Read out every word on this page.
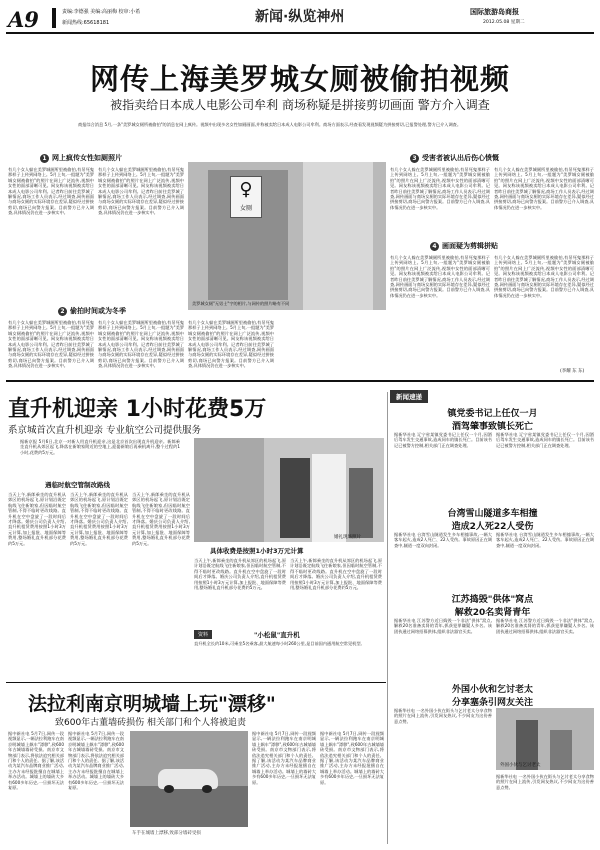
A9	责编:李德强 美编:高丽梅 校审:小希
新闻热线:65618181	新闻·纵览神州	国际旅游岛商报
2012.05.08 星期二
网传上海美罗城女厕被偷拍视频
被指卖给日本成人电影公司牟利 商场称疑是拼接剪切画面 警方介入调查
商报综合消息 5月,一条"美罗城女厕所被偷拍"的消息在网上疯传。视频中出现多名女性如厕画面,并称被卖给日本成人电影公司牟利。商场方面表示,经查看发现视频疑为拼接剪切,已报警处理,警方已介入调查。
1 网上疯传女性如厕照片
有几个女人躲在美罗城厕所里被偷拍,有吊死鬼那样子上传到网络上。5月上旬,一组题为"美罗城女厕被偷拍"的照片在网上广泛流传,视频中女性的面部清晰可见。网友称该视频被卖给日本成人电影公司牟利。记者昨日前往美罗城了解情况,商场工作人员表示,经过调查,网传画面与商场女厕的实际环境存在差异,疑似经过拼接剪切,商场已向警方报案。目前警方已介入调查,具体情况仍在进一步核实中。
有几个女人躲在美罗城厕所里被偷拍,有吊死鬼那样子上传到网络上。5月上旬,一组题为"美罗城女厕被偷拍"的照片在网上广泛流传,视频中女性的面部清晰可见。网友称该视频被卖给日本成人电影公司牟利。记者昨日前往美罗城了解情况,商场工作人员表示,经过调查,网传画面与商场女厕的实际环境存在差异,疑似经过拼接剪切,商场已向警方报案。目前警方已介入调查,具体情况仍在进一步核实中。
2 偷拍时间或为冬季
有几个女人躲在美罗城厕所里被偷拍,有吊死鬼那样子上传到网络上。5月上旬,一组题为"美罗城女厕被偷拍"的照片在网上广泛流传,视频中女性的面部清晰可见。网友称该视频被卖给日本成人电影公司牟利。记者昨日前往美罗城了解情况,商场工作人员表示,经过调查,网传画面与商场女厕的实际环境存在差异,疑似经过拼接剪切,商场已向警方报案。目前警方已介入调查,具体情况仍在进一步核实中。
有几个女人躲在美罗城厕所里被偷拍,有吊死鬼那样子上传到网络上。5月上旬,一组题为"美罗城女厕被偷拍"的照片在网上广泛流传,视频中女性的面部清晰可见。网友称该视频被卖给日本成人电影公司牟利。记者昨日前往美罗城了解情况,商场工作人员表示,经过调查,网传画面与商场女厕的实际环境存在差异,疑似经过拼接剪切,商场已向警方报案。目前警方已介入调查,具体情况仍在进一步核实中。
有几个女人躲在美罗城厕所里被偷拍,有吊死鬼那样子上传到网络上。5月上旬,一组题为"美罗城女厕被偷拍"的照片在网上广泛流传,视频中女性的面部清晰可见。网友称该视频被卖给日本成人电影公司牟利。记者昨日前往美罗城了解情况,商场工作人员表示,经过调查,网传画面与商场女厕的实际环境存在差异,疑似经过拼接剪切,商场已向警方报案。目前警方已介入调查,具体情况仍在进一步核实中。
♀
女厕
美罗城女厕"无男士"字的相片,与网传的照片略有不同
3 受害者被认出后伤心愤慨
有几个女人躲在美罗城厕所里被偷拍,有吊死鬼那样子上传到网络上。5月上旬,一组题为"美罗城女厕被偷拍"的照片在网上广泛流传,视频中女性的面部清晰可见。网友称该视频被卖给日本成人电影公司牟利。记者昨日前往美罗城了解情况,商场工作人员表示,经过调查,网传画面与商场女厕的实际环境存在差异,疑似经过拼接剪切,商场已向警方报案。目前警方已介入调查,具体情况仍在进一步核实中。
有几个女人躲在美罗城厕所里被偷拍,有吊死鬼那样子上传到网络上。5月上旬,一组题为"美罗城女厕被偷拍"的照片在网上广泛流传,视频中女性的面部清晰可见。网友称该视频被卖给日本成人电影公司牟利。记者昨日前往美罗城了解情况,商场工作人员表示,经过调查,网传画面与商场女厕的实际环境存在差异,疑似经过拼接剪切,商场已向警方报案。目前警方已介入调查,具体情况仍在进一步核实中。
4 画面疑为剪辑拼贴
有几个女人躲在美罗城厕所里被偷拍,有吊死鬼那样子上传到网络上。5月上旬,一组题为"美罗城女厕被偷拍"的照片在网上广泛流传,视频中女性的面部清晰可见。网友称该视频被卖给日本成人电影公司牟利。记者昨日前往美罗城了解情况,商场工作人员表示,经过调查,网传画面与商场女厕的实际环境存在差异,疑似经过拼接剪切,商场已向警方报案。目前警方已介入调查,具体情况仍在进一步核实中。
有几个女人躲在美罗城厕所里被偷拍,有吊死鬼那样子上传到网络上。5月上旬,一组题为"美罗城女厕被偷拍"的照片在网上广泛流传,视频中女性的面部清晰可见。网友称该视频被卖给日本成人电影公司牟利。记者昨日前往美罗城了解情况,商场工作人员表示,经过调查,网传画面与商场女厕的实际环境存在差异,疑似经过拼接剪切,商场已向警方报案。目前警方已介入调查,具体情况仍在进一步核实中。
(李耀 东 东)
直升机迎亲 1小时花费5万
系京城首次直升机迎亲 专业航空公司提供服务
据新京报 5月6日,北京一对新人用直升机迎亲,这是北京首次出现直升机迎亲。新郎乘坐直升机从郊区起飞,降落在新娘家附近的空地上,迎娶新娘后再乘机离开,整个过程约1小时,花费约5万元。
遇临时航空管制改路线
当天上午,新郎乘坐的直升机从郊区的机场起飞,原计划沿既定航线飞往新娘家,但因临时航空管制,不得不临时更改线路。直升机在空中盘旋了一段时间后才降落。婚庆公司负责人介绍,直升机租赁费用按照1小时3万元计算,加上报批、地面保障等费用,整场婚礼直升机部分花费约5万元。
当天上午,新郎乘坐的直升机从郊区的机场起飞,原计划沿既定航线飞往新娘家,但因临时航空管制,不得不临时更改线路。直升机在空中盘旋了一段时间后才降落。婚庆公司负责人介绍,直升机租赁费用按照1小时3万元计算,加上报批、地面保障等费用,整场婚礼直升机部分花费约5万元。
当天上午,新郎乘坐的直升机从郊区的机场起飞,原计划沿既定航线飞往新娘家,但因临时航空管制,不得不临时更改线路。直升机在空中盘旋了一段时间后才降落。婚庆公司负责人介绍,直升机租赁费用按照1小时3万元计算,加上报批、地面保障等费用,整场婚礼直升机部分花费约5万元。
婚礼现场照片
具体收费是按照1小时3万元计算
当天上午,新郎乘坐的直升机从郊区的机场起飞,原计划沿既定航线飞往新娘家,但因临时航空管制,不得不临时更改线路。直升机在空中盘旋了一段时间后才降落。婚庆公司负责人介绍,直升机租赁费用按照1小时3万元计算,加上报批、地面保障等费用,整场婚礼直升机部分花费约5万元。
当天上午,新郎乘坐的直升机从郊区的机场起飞,原计划沿既定航线飞往新娘家,但因临时航空管制,不得不临时更改线路。直升机在空中盘旋了一段时间后才降落。婚庆公司负责人介绍,直升机租赁费用按照1小时3万元计算,加上报批、地面保障等费用,整场婚礼直升机部分花费约5万元。
资料	"小松鼠"直升机
直升机全长约10米,可乘坐5名乘客,最大航速每小时260公里,是目前国内通用航空常见机型。
新闻速递
镇党委书记上任仅一月
酒驾肇事致镇长死亡
据新华社电 辽宁省某镇党委书记上任仅一个月,因酒后驾车发生交通事故,造成同车的镇长死亡。目前该书记已被警方控制,相关部门正在调查处理。
据新华社电 辽宁省某镇党委书记上任仅一个月,因酒后驾车发生交通事故,造成同车的镇长死亡。目前该书记已被警方控制,相关部门正在调查处理。
台湾雪山隧道多车相撞
造成2人死22人受伤
据新华社电 台湾雪山隧道发生多车相撞事故,一辆大客车起火,造成2人死亡、22人受伤。事故原因正在调查中,隧道一度双向封闭。
据新华社电 台湾雪山隧道发生多车相撞事故,一辆大客车起火,造成2人死亡、22人受伤。事故原因正在调查中,隧道一度双向封闭。
江苏捣毁"供体"窝点
解救20名卖肾青年
据新华社电 江苏警方近日捣毁一个非法"供体"窝点,解救20名准备卖肾的青年,抓获犯罪嫌疑人多名。该团伙通过网络招募供体,组织非法器官买卖。
据新华社电 江苏警方近日捣毁一个非法"供体"窝点,解救20名准备卖肾的青年,抓获犯罪嫌疑人多名。该团伙通过网络招募供体,组织非法器官买卖。
外国小伙和乞讨老太
分享塞条引网友关注
据新华社电 一名外国小伙在街头与乞讨老太分享食物的照片在网上流传,引发网友热议,不少网友为这份善意点赞。
外国小伙与乞讨老太
据新华社电 一名外国小伙在街头与乞讨老太分享食物的照片在网上流传,引发网友热议,不少网友为这份善意点赞。
法拉利南京明城墙上玩"漂移"
致600年古董墙砖损伤 相关部门和个人将被追责
据中新社电 5月7日,网传一段视频显示,一辆法拉利跑车在南京明城墙上飙车"漂移",致600年古城墙墙砖受损。南京市文物部门表示,将依法追究相关部门和个人的责任。据了解,该活动为某汽车品牌商业推广活动,主办方未经报批擅自在城墙上举办活动。城墙上的墙砖大多有600多年历史,一旦损坏无法复原。
据中新社电 5月7日,网传一段视频显示,一辆法拉利跑车在南京明城墙上飙车"漂移",致600年古城墙墙砖受损。南京市文物部门表示,将依法追究相关部门和个人的责任。据了解,该活动为某汽车品牌商业推广活动,主办方未经报批擅自在城墙上举办活动。城墙上的墙砖大多有600多年历史,一旦损坏无法复原。
车手在城墙上漂移,致部分墙砖受损
据中新社电 5月7日,网传一段视频显示,一辆法拉利跑车在南京明城墙上飙车"漂移",致600年古城墙墙砖受损。南京市文物部门表示,将依法追究相关部门和个人的责任。据了解,该活动为某汽车品牌商业推广活动,主办方未经报批擅自在城墙上举办活动。城墙上的墙砖大多有600多年历史,一旦损坏无法复原。
据中新社电 5月7日,网传一段视频显示,一辆法拉利跑车在南京明城墙上飙车"漂移",致600年古城墙墙砖受损。南京市文物部门表示,将依法追究相关部门和个人的责任。据了解,该活动为某汽车品牌商业推广活动,主办方未经报批擅自在城墙上举办活动。城墙上的墙砖大多有600多年历史,一旦损坏无法复原。
